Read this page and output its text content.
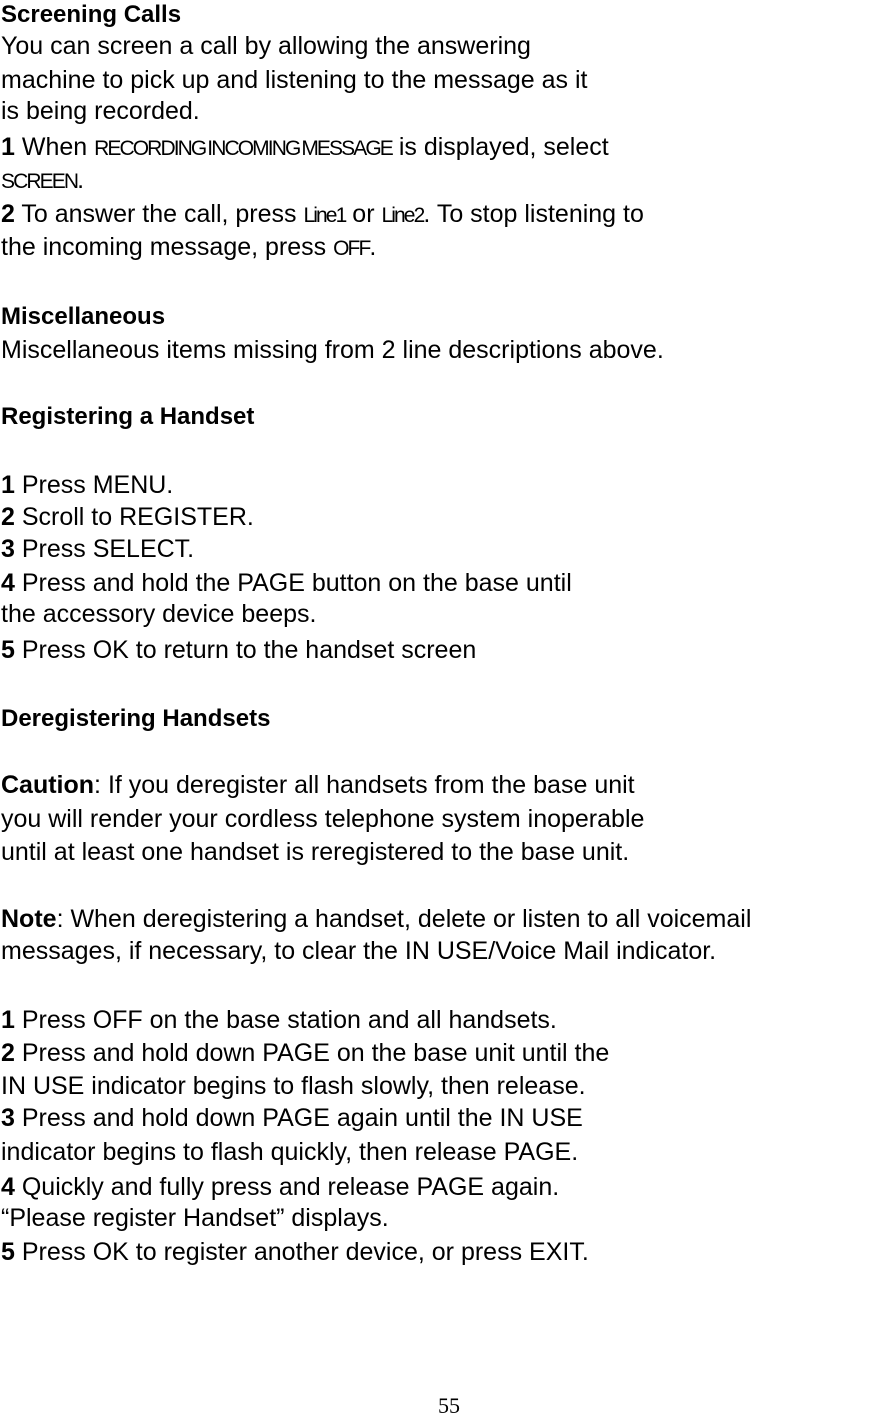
Screening Calls
You can screen a call by allowing the answering
machine to pick up and listening to the message as it
is being recorded.
1 When RECORDING INCOMING MESSAGE is displayed, select
SCREEN.
2 To answer the call, press Line1 or Line2. To stop listening to
the incoming message, press OFF.
Miscellaneous
Miscellaneous items missing from 2 line descriptions above.
Registering a Handset
1 Press MENU.
2 Scroll to REGISTER.
3 Press SELECT.
4 Press and hold the PAGE button on the base until
the accessory device beeps.
5 Press OK to return to the handset screen
Deregistering Handsets
Caution: If you deregister all handsets from the base unit
you will render your cordless telephone system inoperable
until at least one handset is reregistered to the base unit.
Note: When deregistering a handset, delete or listen to all voicemail
messages, if necessary, to clear the IN USE/Voice Mail indicator.
1 Press OFF on the base station and all handsets.
2 Press and hold down PAGE on the base unit until the
IN USE indicator begins to flash slowly, then release.
3 Press and hold down PAGE again until the IN USE
indicator begins to flash quickly, then release PAGE.
4 Quickly and fully press and release PAGE again.
“Please register Handset” displays.
5 Press OK to register another device, or press EXIT.
55
